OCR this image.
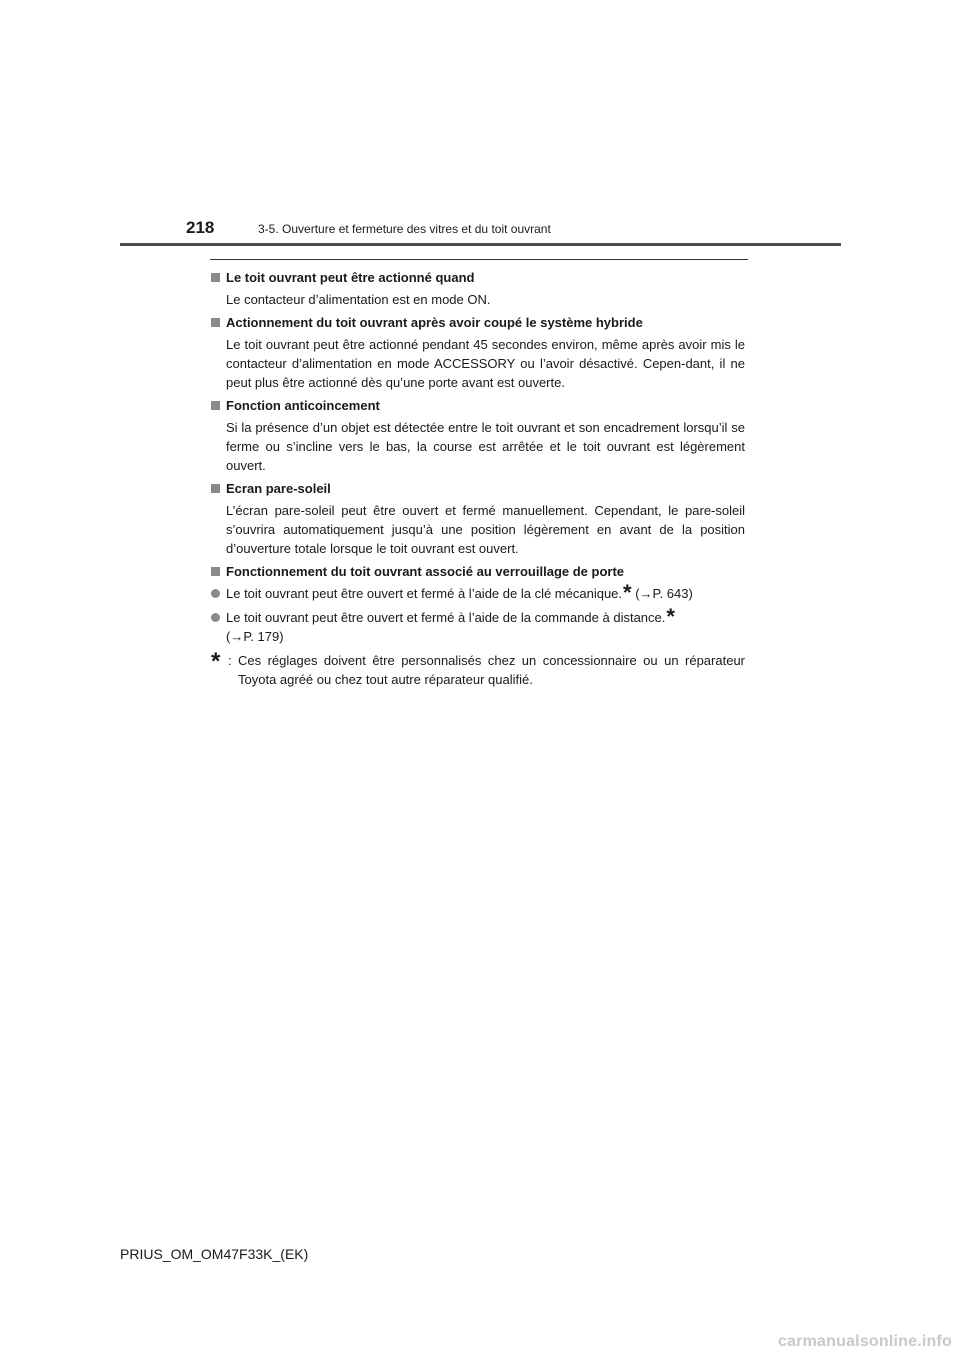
218	3-5. Ouverture et fermeture des vitres et du toit ouvrant
Le toit ouvrant peut être actionné quand
Le contacteur d’alimentation est en mode ON.
Actionnement du toit ouvrant après avoir coupé le système hybride
Le toit ouvrant peut être actionné pendant 45 secondes environ, même après avoir mis le contacteur d’alimentation en mode ACCESSORY ou l’avoir désactivé. Cepen-dant, il ne peut plus être actionné dès qu’une porte avant est ouverte.
Fonction anticoincement
Si la présence d’un objet est détectée entre le toit ouvrant et son encadrement lorsqu’il se ferme ou s’incline vers le bas, la course est arrêtée et le toit ouvrant est légèrement ouvert.
Ecran pare-soleil
L’écran pare-soleil peut être ouvert et fermé manuellement. Cependant, le pare-soleil s’ouvrira automatiquement jusqu’à une position légèrement en avant de la position d’ouverture totale lorsque le toit ouvrant est ouvert.
Fonctionnement du toit ouvrant associé au verrouillage de porte
Le toit ouvrant peut être ouvert et fermé à l’aide de la clé mécanique.* (→P. 643)
Le toit ouvrant peut être ouvert et fermé à l’aide de la commande à distance.*
(→P. 179)
* : Ces réglages doivent être personnalisés chez un concessionnaire ou un réparateur Toyota agréé ou chez tout autre réparateur qualifié.
PRIUS_OM_OM47F33K_(EK)
carmanualsonline.info
